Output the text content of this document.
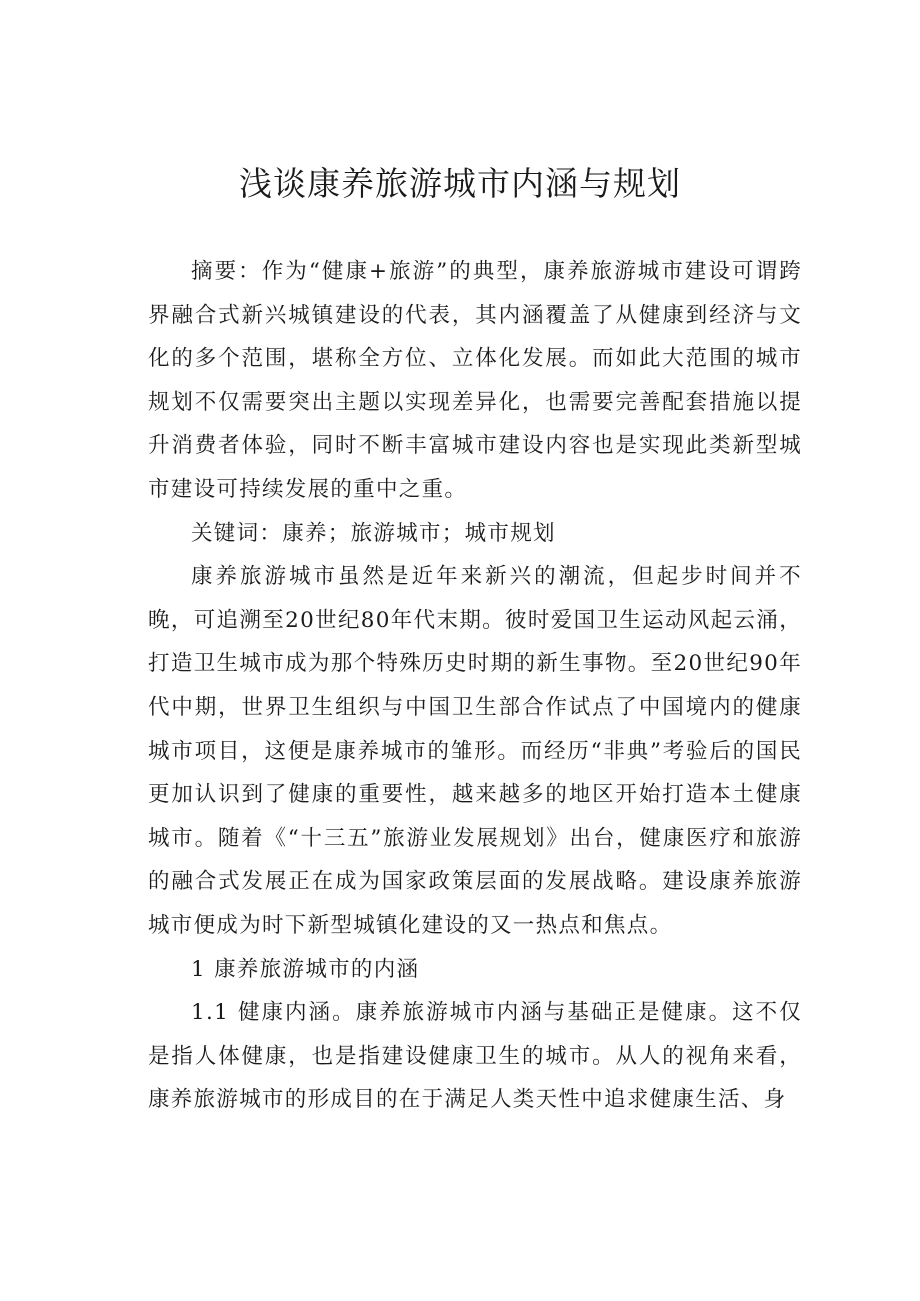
浅谈康养旅游城市内涵与规划

摘要：作为“健康+旅游”的典型，康养旅游城市建设可谓跨界融合式新兴城镇建设的代表，其内涵覆盖了从健康到经济与文化的多个范围，堪称全方位、立体化发展。而如此大范围的城市规划不仅需要突出主题以实现差异化，也需要完善配套措施以提升消费者体验，同时不断丰富城市建设内容也是实现此类新型城市建设可持续发展的重中之重。

关键词：康养；旅游城市；城市规划

康养旅游城市虽然是近年来新兴的潮流，但起步时间并不晚，可追溯至20世纪80年代末期。彼时爱国卫生运动风起云涌，打造卫生城市成为那个特殊历史时期的新生事物。至20世纪90年代中期，世界卫生组织与中国卫生部合作试点了中国境内的健康城市项目，这便是康养城市的雏形。而经历“非典”考验后的国民更加认识到了健康的重要性，越来越多的地区开始打造本土健康城市。随着《“十三五”旅游业发展规划》出台，健康医疗和旅游的融合式发展正在成为国家政策层面的发展战略。建设康养旅游城市便成为时下新型城镇化建设的又一热点和焦点。

1 康养旅游城市的内涵

1.1 健康内涵。康养旅游城市内涵与基础正是健康。这不仅是指人体健康，也是指建设健康卫生的城市。从人的视角来看，康养旅游城市的形成目的在于满足人类天性中追求健康生活、身
